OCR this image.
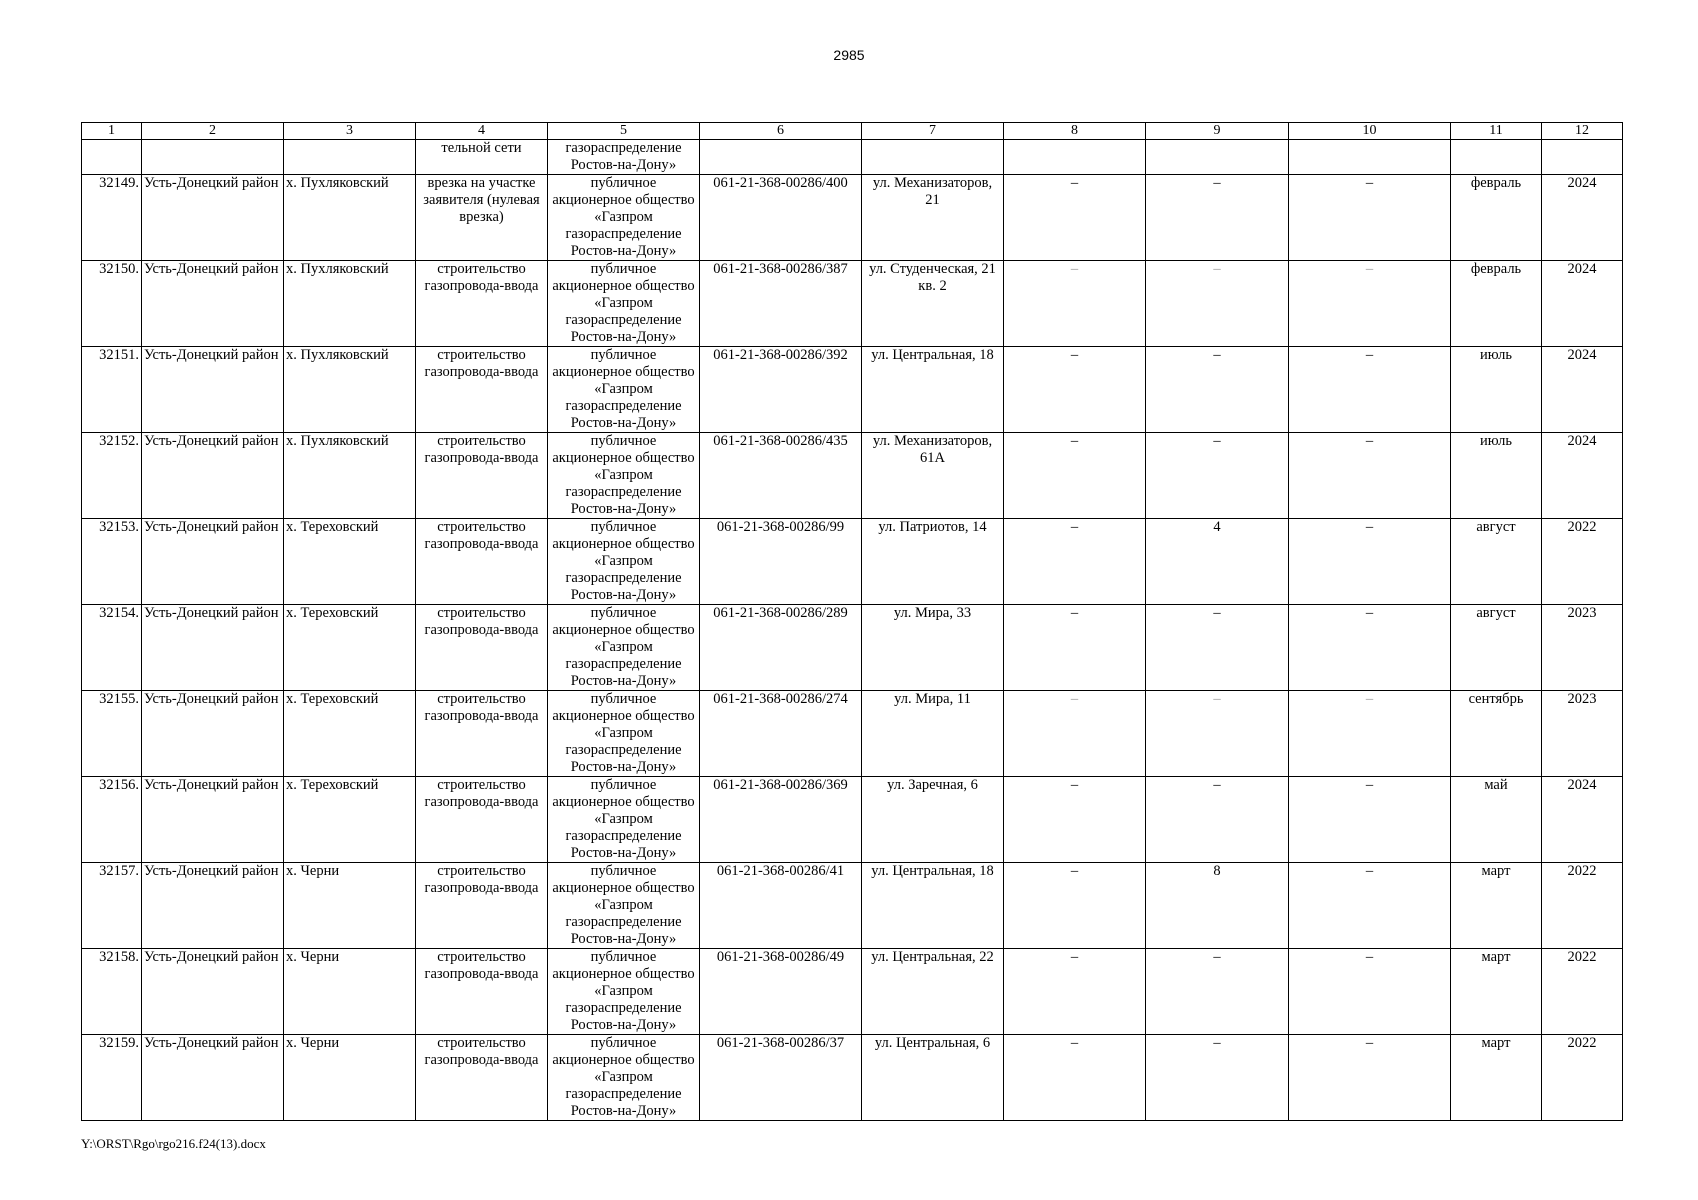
2985
1	2	3	4	5	6	7	8	9	10	11	12
			тельной сети	газораспределение Ростов-на-Дону»							
32149.	Усть-Донецкий район	х. Пухляковский	врезка на участке заявителя (нулевая врезка)	публичное акционерное общество «Газпром газораспределение Ростов-на-Дону»	061-21-368-00286/400	ул. Механизаторов, 21	–	–	–	февраль	2024
32150.	Усть-Донецкий район	х. Пухляковский	строительство газопровода-ввода	публичное акционерное общество «Газпром газораспределение Ростов-на-Дону»	061-21-368-00286/387	ул. Студенческая, 21 кв. 2	–	–	–	февраль	2024
32151.	Усть-Донецкий район	х. Пухляковский	строительство газопровода-ввода	публичное акционерное общество «Газпром газораспределение Ростов-на-Дону»	061-21-368-00286/392	ул. Центральная, 18	–	–	–	июль	2024
32152.	Усть-Донецкий район	х. Пухляковский	строительство газопровода-ввода	публичное акционерное общество «Газпром газораспределение Ростов-на-Дону»	061-21-368-00286/435	ул. Механизаторов, 61А	–	–	–	июль	2024
32153.	Усть-Донецкий район	х. Тереховский	строительство газопровода-ввода	публичное акционерное общество «Газпром газораспределение Ростов-на-Дону»	061-21-368-00286/99	ул. Патриотов, 14	–	4	–	август	2022
32154.	Усть-Донецкий район	х. Тереховский	строительство газопровода-ввода	публичное акционерное общество «Газпром газораспределение Ростов-на-Дону»	061-21-368-00286/289	ул. Мира, 33	–	–	–	август	2023
32155.	Усть-Донецкий район	х. Тереховский	строительство газопровода-ввода	публичное акционерное общество «Газпром газораспределение Ростов-на-Дону»	061-21-368-00286/274	ул. Мира, 11	–	–	–	сентябрь	2023
32156.	Усть-Донецкий район	х. Тереховский	строительство газопровода-ввода	публичное акционерное общество «Газпром газораспределение Ростов-на-Дону»	061-21-368-00286/369	ул. Заречная, 6	–	–	–	май	2024
32157.	Усть-Донецкий район	х. Черни	строительство газопровода-ввода	публичное акционерное общество «Газпром газораспределение Ростов-на-Дону»	061-21-368-00286/41	ул. Центральная, 18	–	8	–	март	2022
32158.	Усть-Донецкий район	х. Черни	строительство газопровода-ввода	публичное акционерное общество «Газпром газораспределение Ростов-на-Дону»	061-21-368-00286/49	ул. Центральная, 22	–	–	–	март	2022
32159.	Усть-Донецкий район	х. Черни	строительство газопровода-ввода	публичное акционерное общество «Газпром газораспределение Ростов-на-Дону»	061-21-368-00286/37	ул. Центральная, 6	–	–	–	март	2022
Y:\ORST\Rgo\rgo216.f24(13).docx
